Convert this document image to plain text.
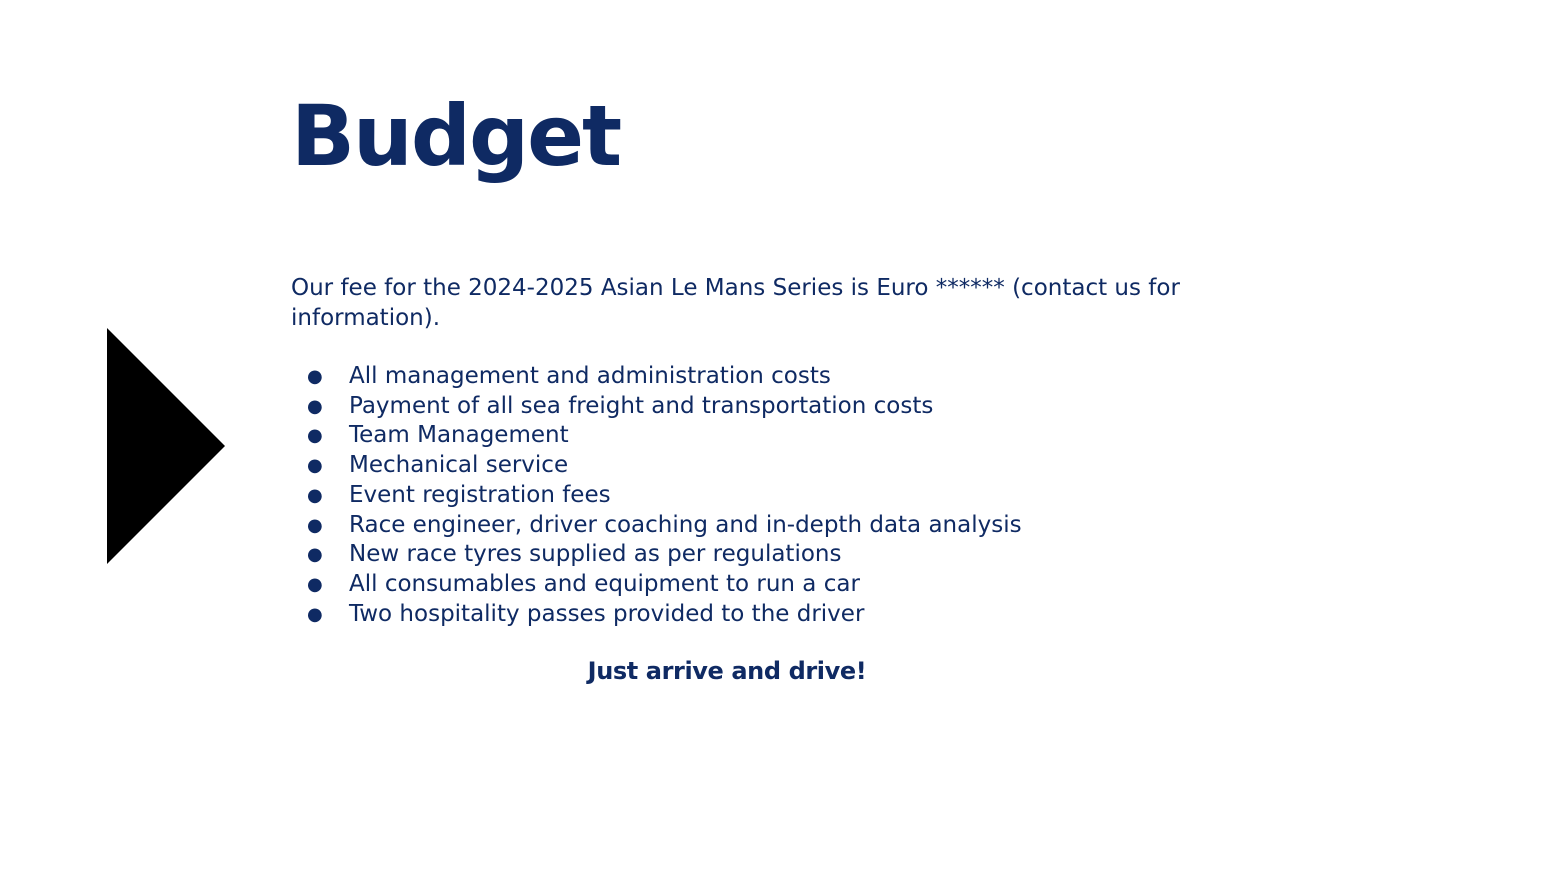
Budget

Our fee for the 2024-2025 Asian Le Mans Series is Euro ****** (contact us for information).

●	All management and administration costs
●	Payment of all sea freight and transportation costs
●	Team Management
●	Mechanical service
●	Event registration fees
●	Race engineer, driver coaching and in-depth data analysis
●	New race tyres supplied as per regulations
●	All consumables and equipment to run a car
●	Two hospitality passes provided to the driver

Just arrive and drive!
